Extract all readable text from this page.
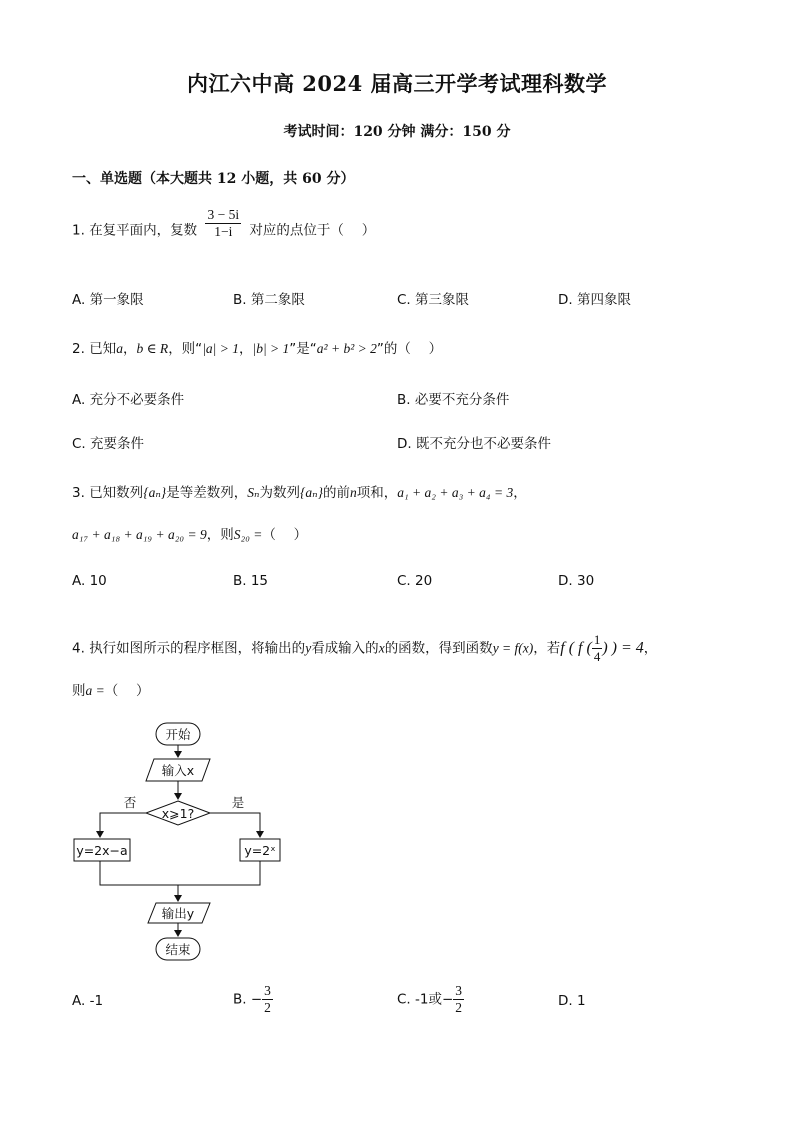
内江六中高 2024 届高三开学考试理科数学
考试时间：120 分钟 满分：150 分
一、单选题（本大题共 12 小题，共 60 分）
1. 在复平面内，复数 $\frac{3 - 5i}{1-i}$ 对应的点位于（　 ）
A. 第一象限	B. 第二象限	C. 第三象限	D. 第四象限
2. 已知a，b ∈ R，则“|a| > 1，|b| > 1”是“a² + b² > 2”的（　 ）
A. 充分不必要条件	B. 必要不充分条件
C. 充要条件	D. 既不充分也不必要条件
3. 已知数列{aₙ}是等差数列，Sₙ为数列{aₙ}的前n项和，a₁ + a₂ + a₃ + a₄ = 3，
a₁₇ + a₁₈ + a₁₉ + a₂₀ = 9，则S₂₀ =（　 ）
A. 10	B. 15	C. 20	D. 30
4. 执行如图所示的程序框图，将输出的y看成输入的x的函数，得到函数y = f(x)，若f ( f ( $\frac{1}{4}$ ) ) = 4，
则a =（　 ）
开始
输入x
x⩾1?
否	是
y=2x−a	y=2ˣ
输出y
结束
A. -1	B. − $\frac{3}{2}$	C. -1或− $\frac{3}{2}$	D. 1
